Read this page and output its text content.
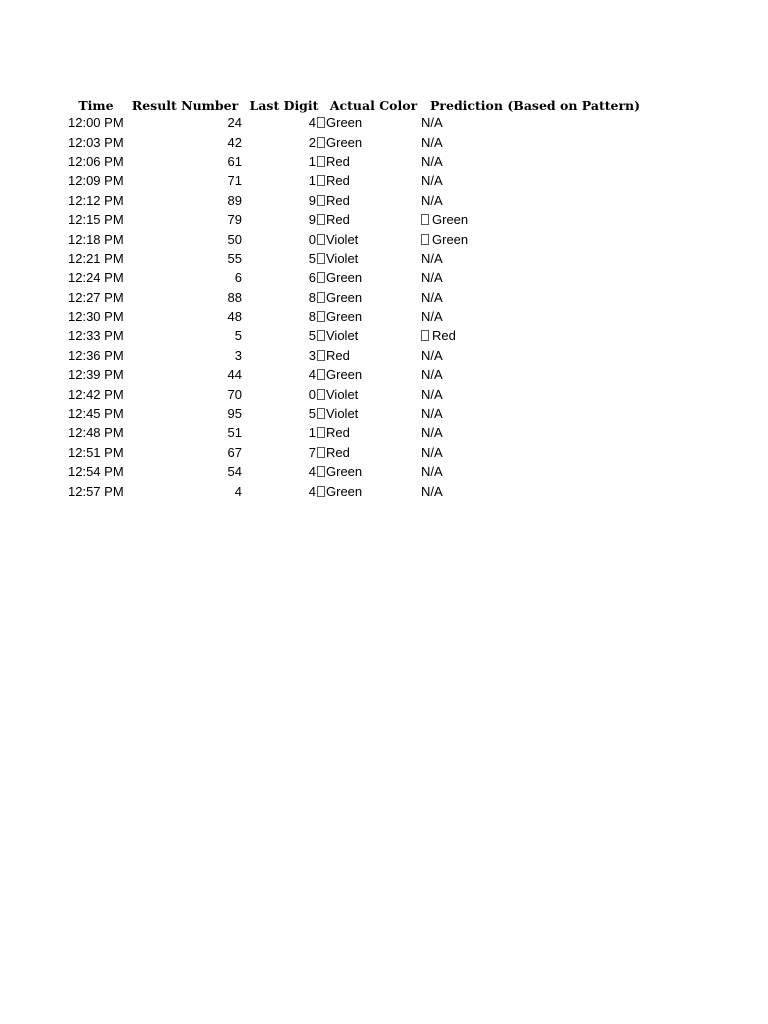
Time	Result Number	Last Digit	Actual Color	Prediction (Based on Pattern)
12:00 PM	24	4	Green	N/A
12:03 PM	42	2	Green	N/A
12:06 PM	61	1	Red	N/A
12:09 PM	71	1	Red	N/A
12:12 PM	89	9	Red	N/A
12:15 PM	79	9	Red	Green
12:18 PM	50	0	Violet	Green
12:21 PM	55	5	Violet	N/A
12:24 PM	6	6	Green	N/A
12:27 PM	88	8	Green	N/A
12:30 PM	48	8	Green	N/A
12:33 PM	5	5	Violet	Red
12:36 PM	3	3	Red	N/A
12:39 PM	44	4	Green	N/A
12:42 PM	70	0	Violet	N/A
12:45 PM	95	5	Violet	N/A
12:48 PM	51	1	Red	N/A
12:51 PM	67	7	Red	N/A
12:54 PM	54	4	Green	N/A
12:57 PM	4	4	Green	N/A
